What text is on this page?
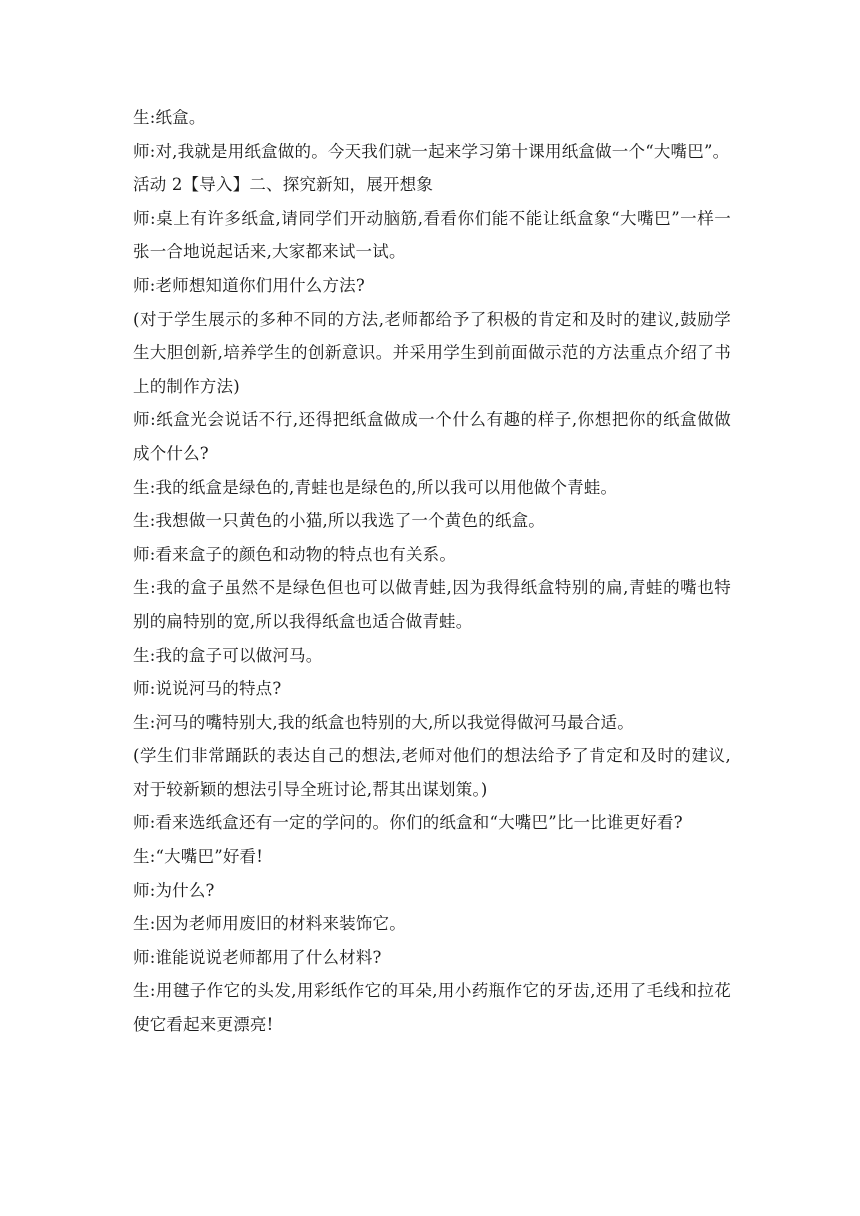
生:纸盒。

师:对,我就是用纸盒做的。今天我们就一起来学习第十课用纸盒做一个“大嘴巴”。

活动 2【导入】二、探究新知，展开想象

师:桌上有许多纸盒,请同学们开动脑筋,看看你们能不能让纸盒象“大嘴巴”一样一张一合地说起话来,大家都来试一试。

师:老师想知道你们用什么方法?

(对于学生展示的多种不同的方法,老师都给予了积极的肯定和及时的建议,鼓励学生大胆创新,培养学生的创新意识。并采用学生到前面做示范的方法重点介绍了书上的制作方法)

师:纸盒光会说话不行,还得把纸盒做成一个什么有趣的样子,你想把你的纸盒做做成个什么?

生:我的纸盒是绿色的,青蛙也是绿色的,所以我可以用他做个青蛙。

生:我想做一只黄色的小猫,所以我选了一个黄色的纸盒。

师:看来盒子的颜色和动物的特点也有关系。

生:我的盒子虽然不是绿色但也可以做青蛙,因为我得纸盒特别的扁,青蛙的嘴也特别的扁特别的宽,所以我得纸盒也适合做青蛙。

生:我的盒子可以做河马。

师:说说河马的特点?

生:河马的嘴特别大,我的纸盒也特别的大,所以我觉得做河马最合适。

(学生们非常踊跃的表达自己的想法,老师对他们的想法给予了肯定和及时的建议,对于较新颖的想法引导全班讨论,帮其出谋划策。)

师:看来选纸盒还有一定的学问的。你们的纸盒和“大嘴巴”比一比谁更好看?

生:“大嘴巴”好看!

师:为什么?

生:因为老师用废旧的材料来装饰它。

师:谁能说说老师都用了什么材料?

生:用毽子作它的头发,用彩纸作它的耳朵,用小药瓶作它的牙齿,还用了毛线和拉花使它看起来更漂亮!
